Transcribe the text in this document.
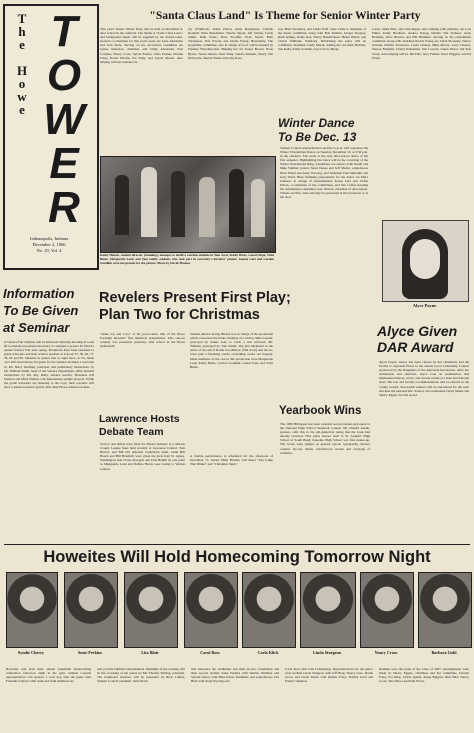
T
h
e
H
o
w
e
T
O
W
E
R
Indianapolis, Indiana
December 2, 1966
No. 29, Vol. 4
"Santa Claus Land" Is Theme for Senior Winter Party
This year's Senior Winter Party will be held on December 9, after school in the cafeteria. The theme is "Santa Claus Land," and background music will be supplied by the Towne-tones. General co-chairmen for this year's party are Lana Alexander and Tom Rede. Serving on the decoration committee are Lynne Anderson, chairman, and Cindy Alexander, Don Coryhee, Nancy Crose, Sylvia Estabo, Chris Farmer, Donnie Foley, Karen Hardin, Pat King, and Lynda Mason. Also helping with decorations are
Jay O'Sullivan, Jackie Patton, Anita Rosemeyer, Claudia Romeill, Dana Runchman, Valerie Sipola, Jeff Sirrine, Linda Smith, Ruth Stone, Dave Stouffer, Evan Storm, Beth Thompson, Don Woods, and Glynn Young. Hospitality. The hospitality committee, also in charge of food, will be headed by Paulette Throckmorton. Helping her are Teresa Brown, Nona Byrne, Teresa Jensen, Janet King, Sandra Kinzeth, Nancy Van DeVoorde, Sharon Wisler, Dorothy Rose.
son, Brad Shockney, and Linda Wolf. Nate Clark is chairman of the music committee along with Bob Klemin, Ginger Popejoy, Ruth Seiling, Kathy Ray, Nancy Hendrickson, Helen Dillon, and Cheryl Williams. Publicity. Publicizing the party will be committee chairman Cindy Marsh. Aiding her are Ruth Belcher, Sue Kelly, Kathy Schaller, Joyce Scott, Becky
Carter, Mark Ellis, and John Ruppe. Also helping with publicity are Lois Fuller, Kathy Bradford, Andrea Young, Debbie Van Vorhees, Gene Holstein, Dave Branch, and Bill Hummel. Serving on the refreshment committee along with chairman Ronda Young are Linda McAuley, Nancy Grindel, Debbie Stevenson, Linda Chaney, Mike Moore, Larry Cheney, Sharon Bonham, Cheryl Kinnaman, Jim Laverty, Glenn Pierce and Ron Troxy. Also helping will be Jim Fike, Jerry Fielder, Dave Wiggins, and Ed Evens.
Kathy Hinsch, student director, (kneeling), attempts to instill a carefree attitude in Tom Scott, Kathy Dicks, Laurel Pope, Vicki Binns, Marguerite Lash, and Tam Smith, students who took part in yesterday's Revelers' playlet. Jeanne Gari and Gordon Goudkin were not present for the picture. Photo by David Thomas
Winter Dance
To Be Dec. 13
Student Council representatives and the G.A.A. will cosponsor the Winter Wonderland Dance on Tuesday, December 13, at 3:30 p.m. in the cafeteria. The event is the only after-school dance of the first semester. Highlighting the dance will be the crowning of the Winter Wonderland King. Candidates are seniors John Kuehl and Mike Webber; juniors Steve Deane and Jeff Martin; sophomores Dave Eiteel and Andy Wysong; and freshmen Tom Meredith and Jerry Ward. Busy finishing preparations for the dance are Myra Johnson, in charge of entertainment; Karen Lehr and Jackie Patton, co-chairmen of the committees, and Sue Coffey heading the refreshment committee; Gay Weaver, chairman of decorations. Tickets are fifty cents and may be purchased in the bookstore or at the door.
Alyce Payne
Alyce Given
DAR Award
Alyce Payne, senior, has been chosen by her classmates and the faculty to represent Howe in the annual Good Citizenship Contest sponsored by the Daughters of the American Revolution. After her nomination and selection, Alyce took an examination that emphasized history, civics, and current events at a state and national level. Her test and faculty recommendations will be entered in the county contest. Successful winners will be announced for the state and then the national title. Seniors also nominated Cindy Manis and Sherry Eggers for this award.
Information
To Be Given
at Seminar
A Science Fair Seminar will be held next Saturday morning in room 69 to explain procedures necessary to complete a project for Howe's annual Science Fair next spring. Invitations have been extended to grade schoolers and their science teachers at schools 57, 58, 62, 77, 78, 82 and 89. Students in grades four to eight have, so far, made over 200 reservations. Program for the seminar includes a welcome by Mr. Harry Stiefling, principal, and preliminary instructions by Mr. William Smith, head of the Science Department. After detailed instructions by Mr. Ray Riley, science teacher, Howeites Jeff Paulson and Mark Webber will demonstrate sample projects. While the grade schoolers are listening to the boys, their teachers will have a question-answer period with other Howe science teachers.
Revelers Present First Play;
Plan Two for Christmas
"Wake Up and Love" is the provocative title of the Howe Footlight Revelers' first theatrical presentation. This one-act comedy was presented yesterday after school in the Howe auditorium.
Student director Kathy Hinsch was in charge of the production which concerned the future attempts of a widow, Miss Goudie, portrayed by Jannie Gatt, to catch a rich widower, Mr. Watkins, portrayed by Tom Smith. The plot thickened as the antics of the aid of Robin Goodfellow (Tim Scott) and his ex-lover puts a finishing touch; everything works out happily. Other members of the cast in this production were Marguerite Lash, Kathy Dicks, Gordon Goudkin, Laurel Pope and Vicki Binns.
A double performance is scheduled for the afternoon of December 15. Senior Mark Bradley will direct "The Lamp That Blinks" and "Christmas Spirit."
Lawrence Hosts
Debate Team
Victory and defeat were fated for Hornet debaters in a Marion County League meet held recently at Lawrence Central. Tom Harlow and Bill Orr defeated Cathedral's team, while Bill Hauch and Bill Hendrich were given the pick from St. Agnes. Washington beat Claire Arbogast and Tom Hamill by one point as Marguerite Lash and Debbie Harris were losing to Warren Central.
Yearbook Wins
The 1966 Hilltopper has been awarded second runner-up honors in the National High School Yearbook Contest. Mr. Donald Austin, sponsor, adds this to the All-American rating that the book had already received. First place honors went to St. Joseph's High School of South Bend; Kokomo High School was first runner-up. The books were judged on general layout, typography, literary content, lay-out, theme, introductory section and coverage of activities.
Howeites Will Hold Homecoming Tomorrow Night
Syndie Cherry	Susie Perkins	Lita Blair	Carol Ross	Carla Klick	Linda Sturgeon	Nancy Crose	Barbara Gohl
Howeites will hold their annual basketball homecoming celebration tomorrow night in the gym. Student Council representatives will sponsor a sock hop after the game with Franklin Central. Until team and band members are
will provide halftime entertainment. Highlight of the evening will be the crowning of the queen by Mr. Thomas Stirling, principal. The traditional necklace will be presented by Rick Collins, Student Council president. Sam Worth
will announce the candidates and their escorts. Candidates and their escorts include Susie Perkins with Dennis Wallman and Syndie Cherry with Mike Priest, freshmen; and sophomores, Lita Blair with Andy Wysong and
Carol Ross with Jack Lichtenberg. Representatives for the junior class include Linda Sturgeon with Jeff Berg, Sherry Case, Darlie Grove and Linda Kluck with Dennis Foley. Bobbie Gold and Frank Crampton.
Reinken were the picks of the Class of 1967. Arrangements were made by Sherry Eggers, chairman, and her committee, Donnie Foley, Pat King, Jobbie Qualls, Angie Biggins, Rick Bird, Nancy Crose, Terri Moos and Pam Porter.
